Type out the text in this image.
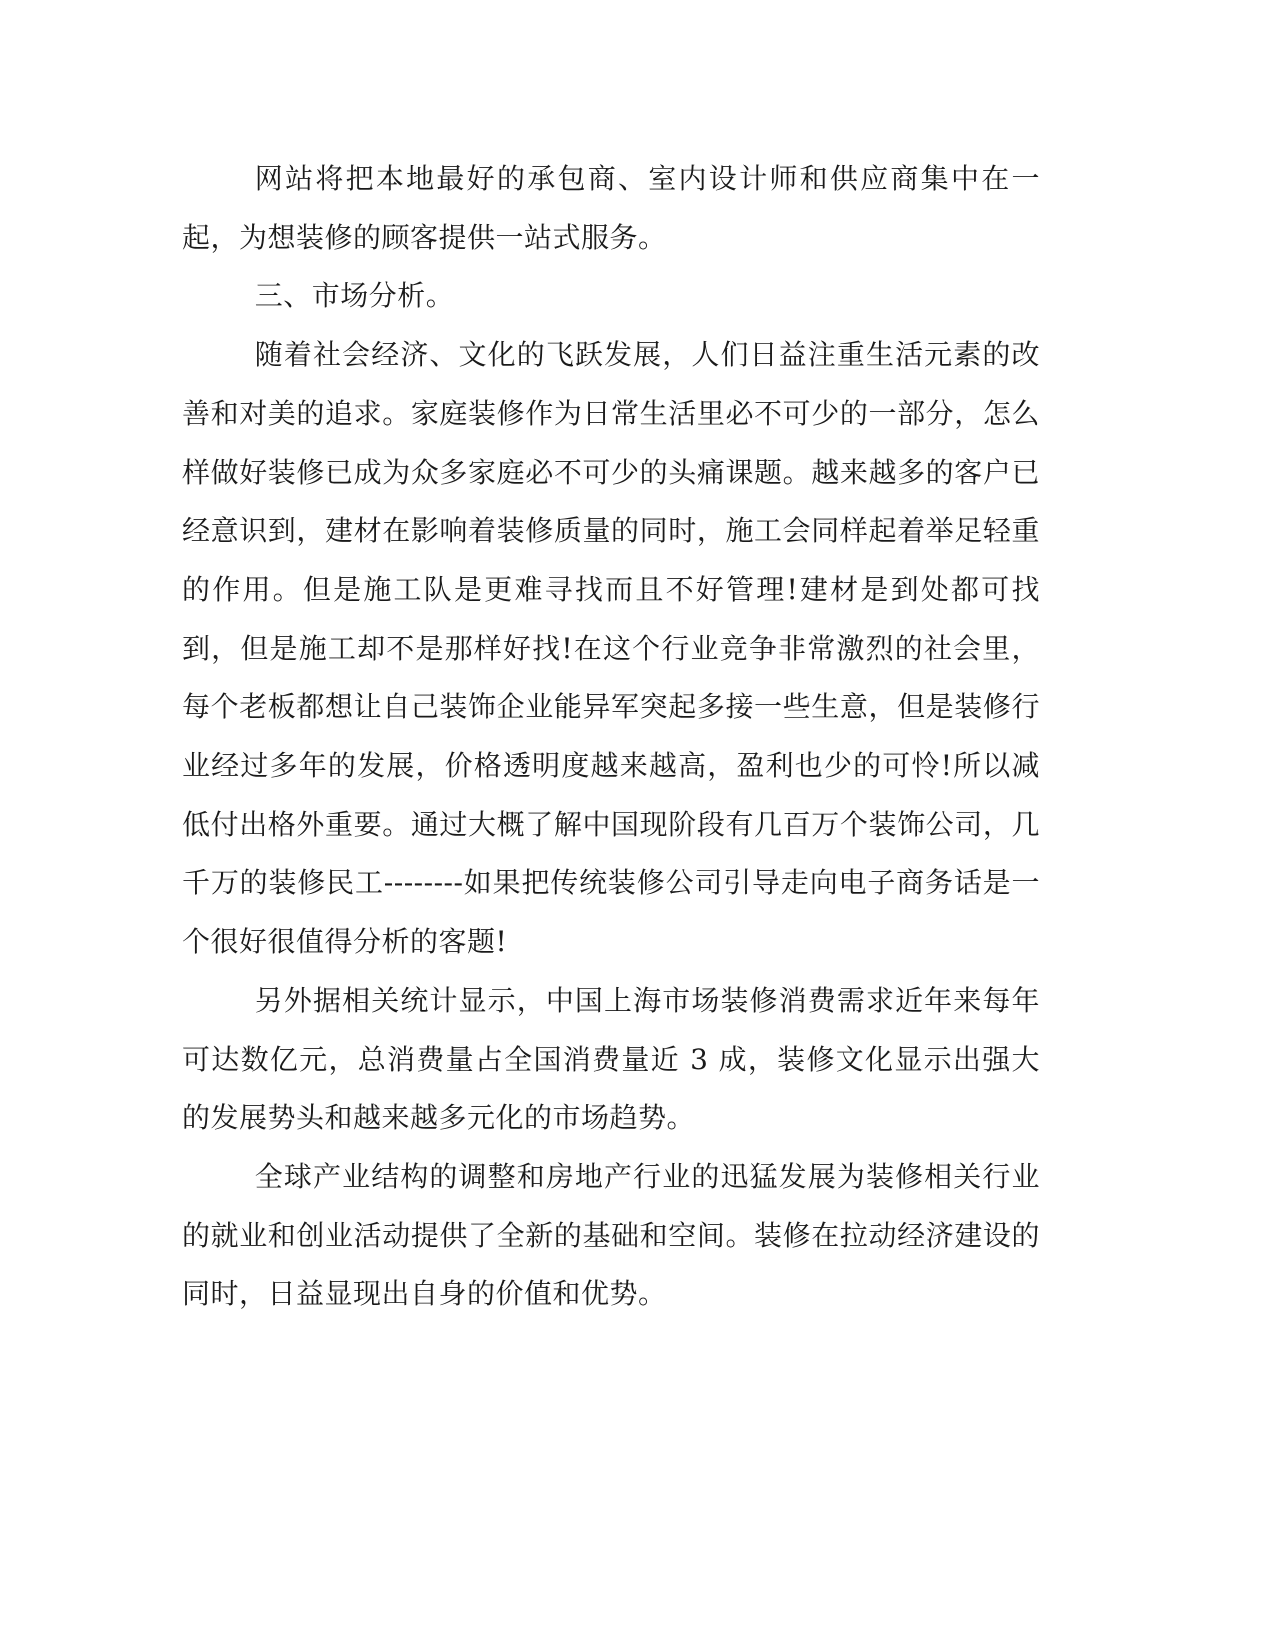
网站将把本地最好的承包商、室内设计师和供应商集中在一起，为想装修的顾客提供一站式服务。

三、市场分析。

随着社会经济、文化的飞跃发展，人们日益注重生活元素的改善和对美的追求。家庭装修作为日常生活里必不可少的一部分，怎么样做好装修已成为众多家庭必不可少的头痛课题。越来越多的客户已经意识到，建材在影响着装修质量的同时，施工会同样起着举足轻重的作用。但是施工队是更难寻找而且不好管理!建材是到处都可找到，但是施工却不是那样好找!在这个行业竞争非常激烈的社会里，每个老板都想让自己装饰企业能异军突起多接一些生意，但是装修行业经过多年的发展，价格透明度越来越高，盈利也少的可怜!所以减低付出格外重要。通过大概了解中国现阶段有几百万个装饰公司，几千万的装修民工--------如果把传统装修公司引导走向电子商务话是一个很好很值得分析的客题!

另外据相关统计显示，中国上海市场装修消费需求近年来每年可达数亿元，总消费量占全国消费量近 3 成，装修文化显示出强大的发展势头和越来越多元化的市场趋势。

全球产业结构的调整和房地产行业的迅猛发展为装修相关行业的就业和创业活动提供了全新的基础和空间。装修在拉动经济建设的同时，日益显现出自身的价值和优势。
